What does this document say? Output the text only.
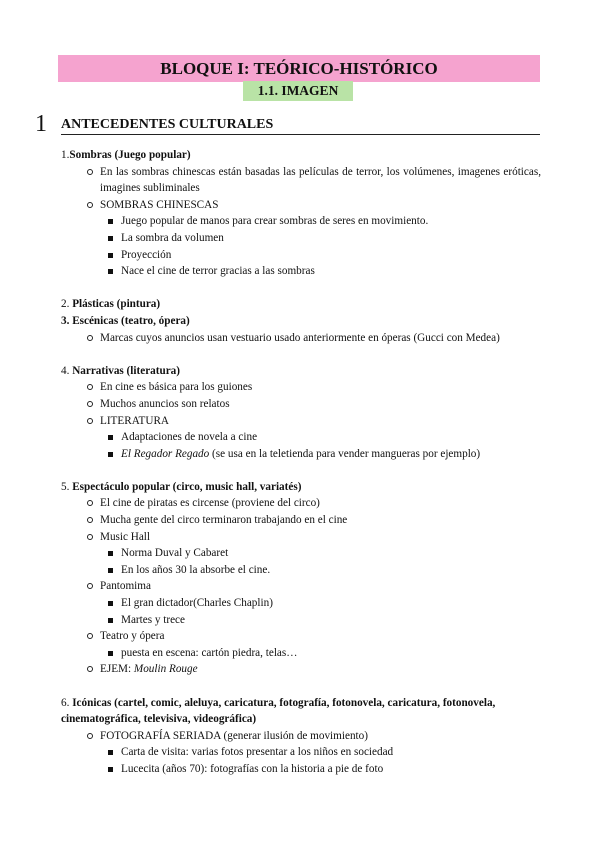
BLOQUE I: TEÓRICO-HISTÓRICO
1.1. IMAGEN
1 ANTECEDENTES CULTURALES
1.Sombras (Juego popular)
En las sombras chinescas están basadas las películas de terror, los volúmenes, imagenes eróticas, imagines subliminales
SOMBRAS CHINESCAS
Juego popular de manos para crear sombras de seres en movimiento.
La sombra da volumen
Proyección
Nace el cine de terror gracias a las sombras
2. Plásticas (pintura)
3. Escénicas (teatro, ópera)
Marcas cuyos anuncios usan vestuario usado anteriormente en óperas (Gucci con Medea)
4. Narrativas (literatura)
En cine es básica para los guiones
Muchos anuncios son relatos
LITERATURA
Adaptaciones de novela a cine
El Regador Regado (se usa en la teletienda para vender mangueras por ejemplo)
5. Espectáculo popular (circo, music hall, variatés)
El cine de piratas es circense (proviene del circo)
Mucha gente del circo terminaron trabajando en el cine
Music Hall
Norma Duval y Cabaret
En los años 30 la absorbe el cine.
Pantomima
El gran dictador(Charles Chaplin)
Martes y trece
Teatro y ópera
puesta en escena: cartón piedra, telas…
EJEM: Moulin Rouge
6. Icónicas (cartel, comic, aleluya, caricatura, fotografía, fotonovela, caricatura, fotonovela, cinematográfica, televisiva, videográfica)
FOTOGRAFÍA SERIADA (generar ilusión de movimiento)
Carta de visita: varias fotos presentar a los niños en sociedad
Lucecita (años 70): fotografías con la historia a pie de foto
